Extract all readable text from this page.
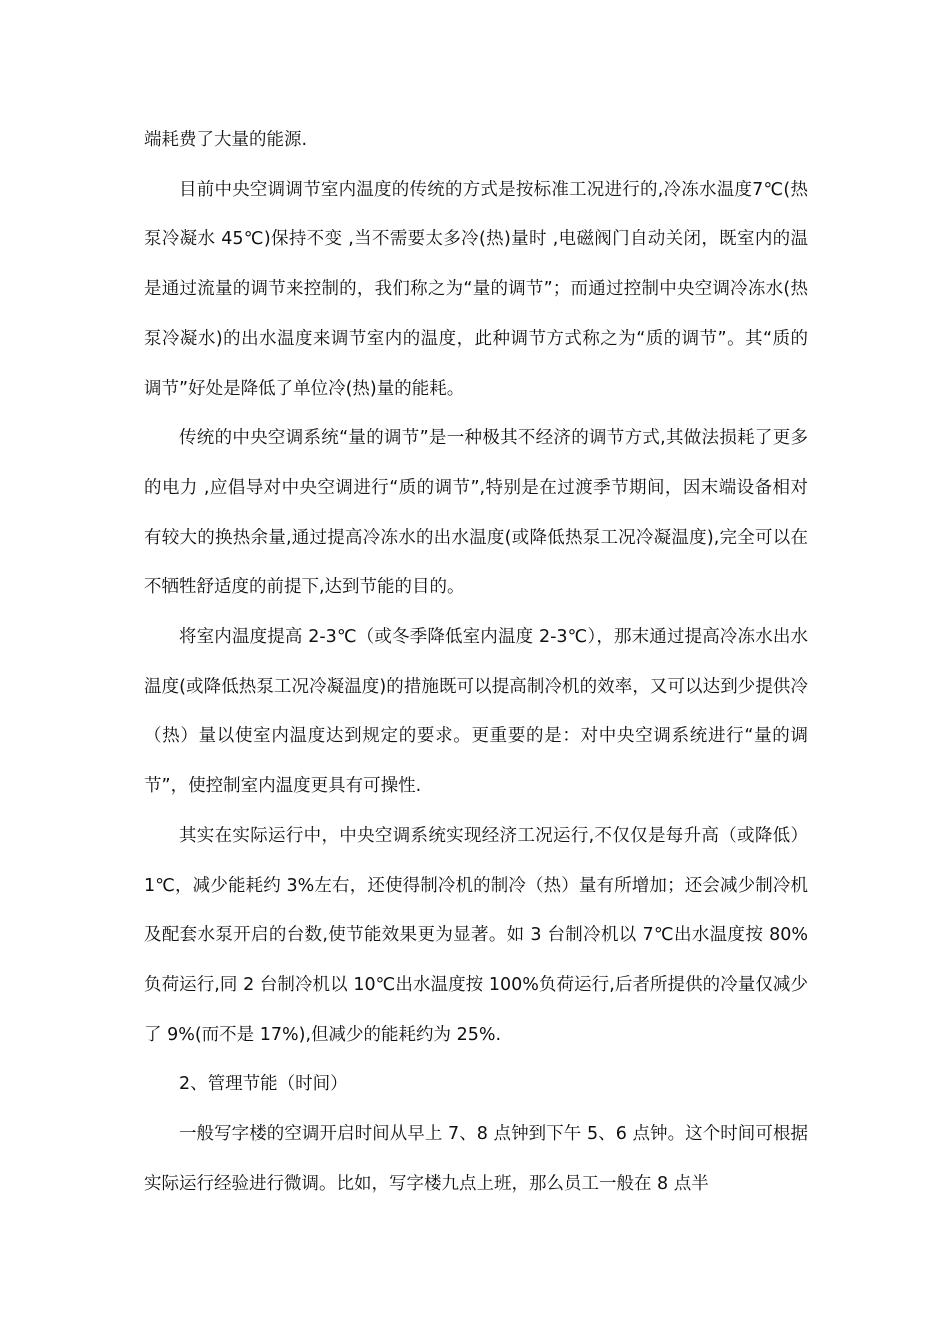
端耗费了大量的能源.

目前中央空调调节室内温度的传统的方式是按标准工况进行的,冷冻水温度7℃(热泵冷凝水 45℃)保持不变 ,当不需要太多冷(热)量时 ,电磁阀门自动关闭，既室内的温是通过流量的调节来控制的，我们称之为“量的调节”；而通过控制中央空调冷冻水(热泵冷凝水)的出水温度来调节室内的温度，此种调节方式称之为“质的调节”。其“质的调节”好处是降低了单位冷(热)量的能耗。

传统的中央空调系统“量的调节”是一种极其不经济的调节方式,其做法损耗了更多的电力 ,应倡导对中央空调进行“质的调节”,特别是在过渡季节期间，因末端设备相对有较大的换热余量,通过提高冷冻水的出水温度(或降低热泵工况冷凝温度),完全可以在不牺牲舒适度的前提下,达到节能的目的。

将室内温度提高 2-3℃（或冬季降低室内温度 2-3℃），那末通过提高冷冻水出水温度(或降低热泵工况冷凝温度)的措施既可以提高制冷机的效率，又可以达到少提供冷（热）量以使室内温度达到规定的要求。更重要的是：对中央空调系统进行“量的调节”，使控制室内温度更具有可操性.

其实在实际运行中，中央空调系统实现经济工况运行,不仅仅是每升高（或降低）1℃，减少能耗约 3%左右，还使得制冷机的制冷（热）量有所增加；还会减少制冷机及配套水泵开启的台数,使节能效果更为显著。如 3 台制冷机以 7℃出水温度按 80%负荷运行,同 2 台制冷机以 10℃出水温度按 100%负荷运行,后者所提供的冷量仅减少了 9%(而不是 17%),但减少的能耗约为 25%.

2、管理节能（时间）

一般写字楼的空调开启时间从早上 7、8 点钟到下午 5、6 点钟。这个时间可根据实际运行经验进行微调。比如，写字楼九点上班，那么员工一般在 8 点半
